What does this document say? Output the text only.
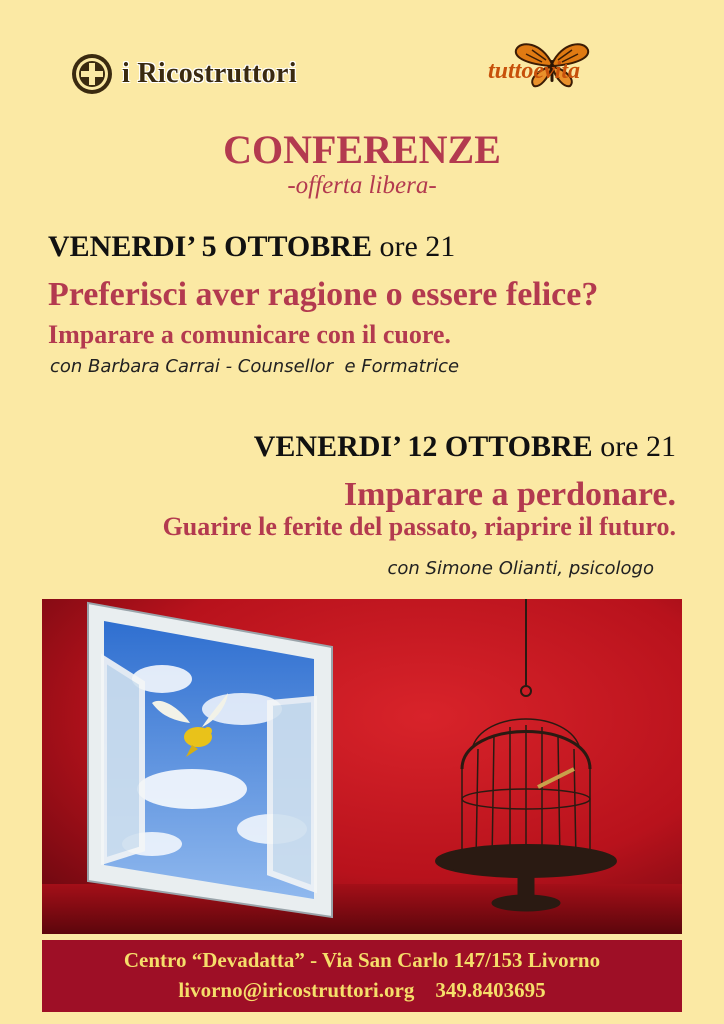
i Ricostruttori	tuttoevita
CONFERENZE
-offerta libera-
VENERDI’ 5 OTTOBRE ore 21
Preferisci aver ragione o essere felice?
Imparare a comunicare con il cuore.
con Barbara Carrai - Counsellor  e Formatrice
VENERDI’ 12 OTTOBRE ore 21
Imparare a perdonare.
Guarire le ferite del passato, riaprire il futuro.
con Simone Olianti, psicologo
Centro “Devadatta” - Via San Carlo 147/153 Livorno
livorno@iricostruttori.org 349.8403695
